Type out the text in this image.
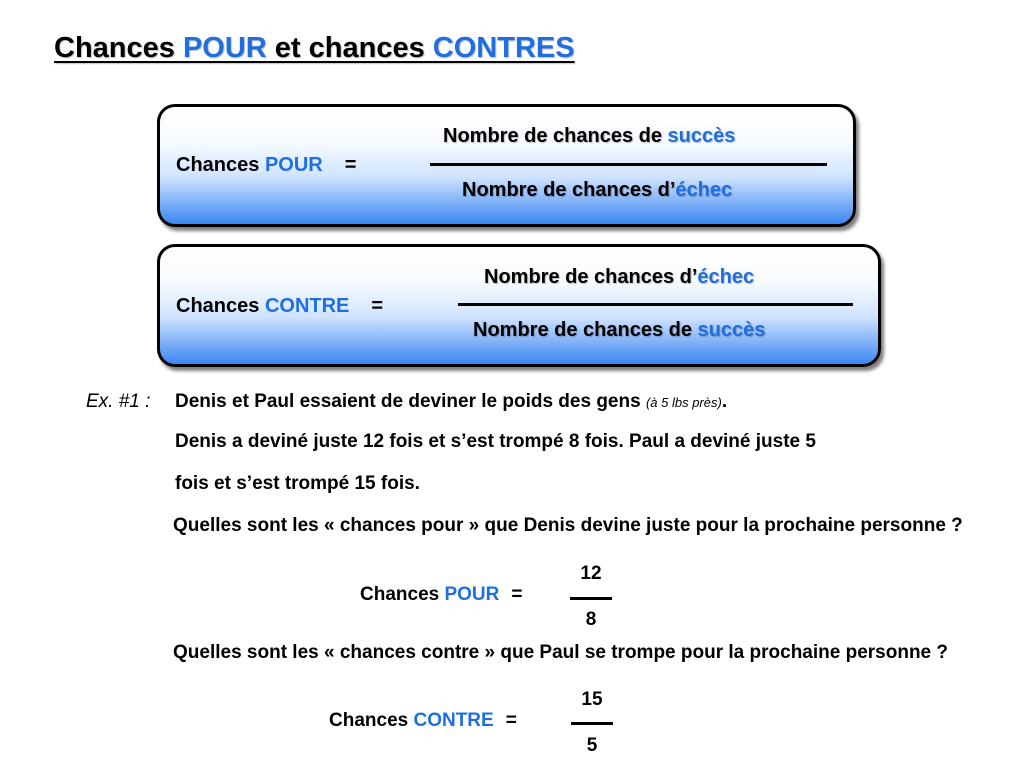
Chances POUR et chances CONTRES
Chances POUR =
Nombre de chances de succès
Nombre de chances d’échec
Chances CONTRE =
Nombre de chances d’échec
Nombre de chances de succès
Ex. #1 : Denis et Paul essaient de deviner le poids des gens (à 5 lbs près).
Denis a deviné juste 12 fois et s’est trompé 8 fois. Paul a deviné juste 5
fois et s’est trompé 15 fois.
Quelles sont les « chances pour » que Denis devine juste pour la prochaine personne ?
Chances POUR =
12
8
Quelles sont les « chances contre » que Paul se trompe pour la prochaine personne ?
Chances CONTRE =
15
5
